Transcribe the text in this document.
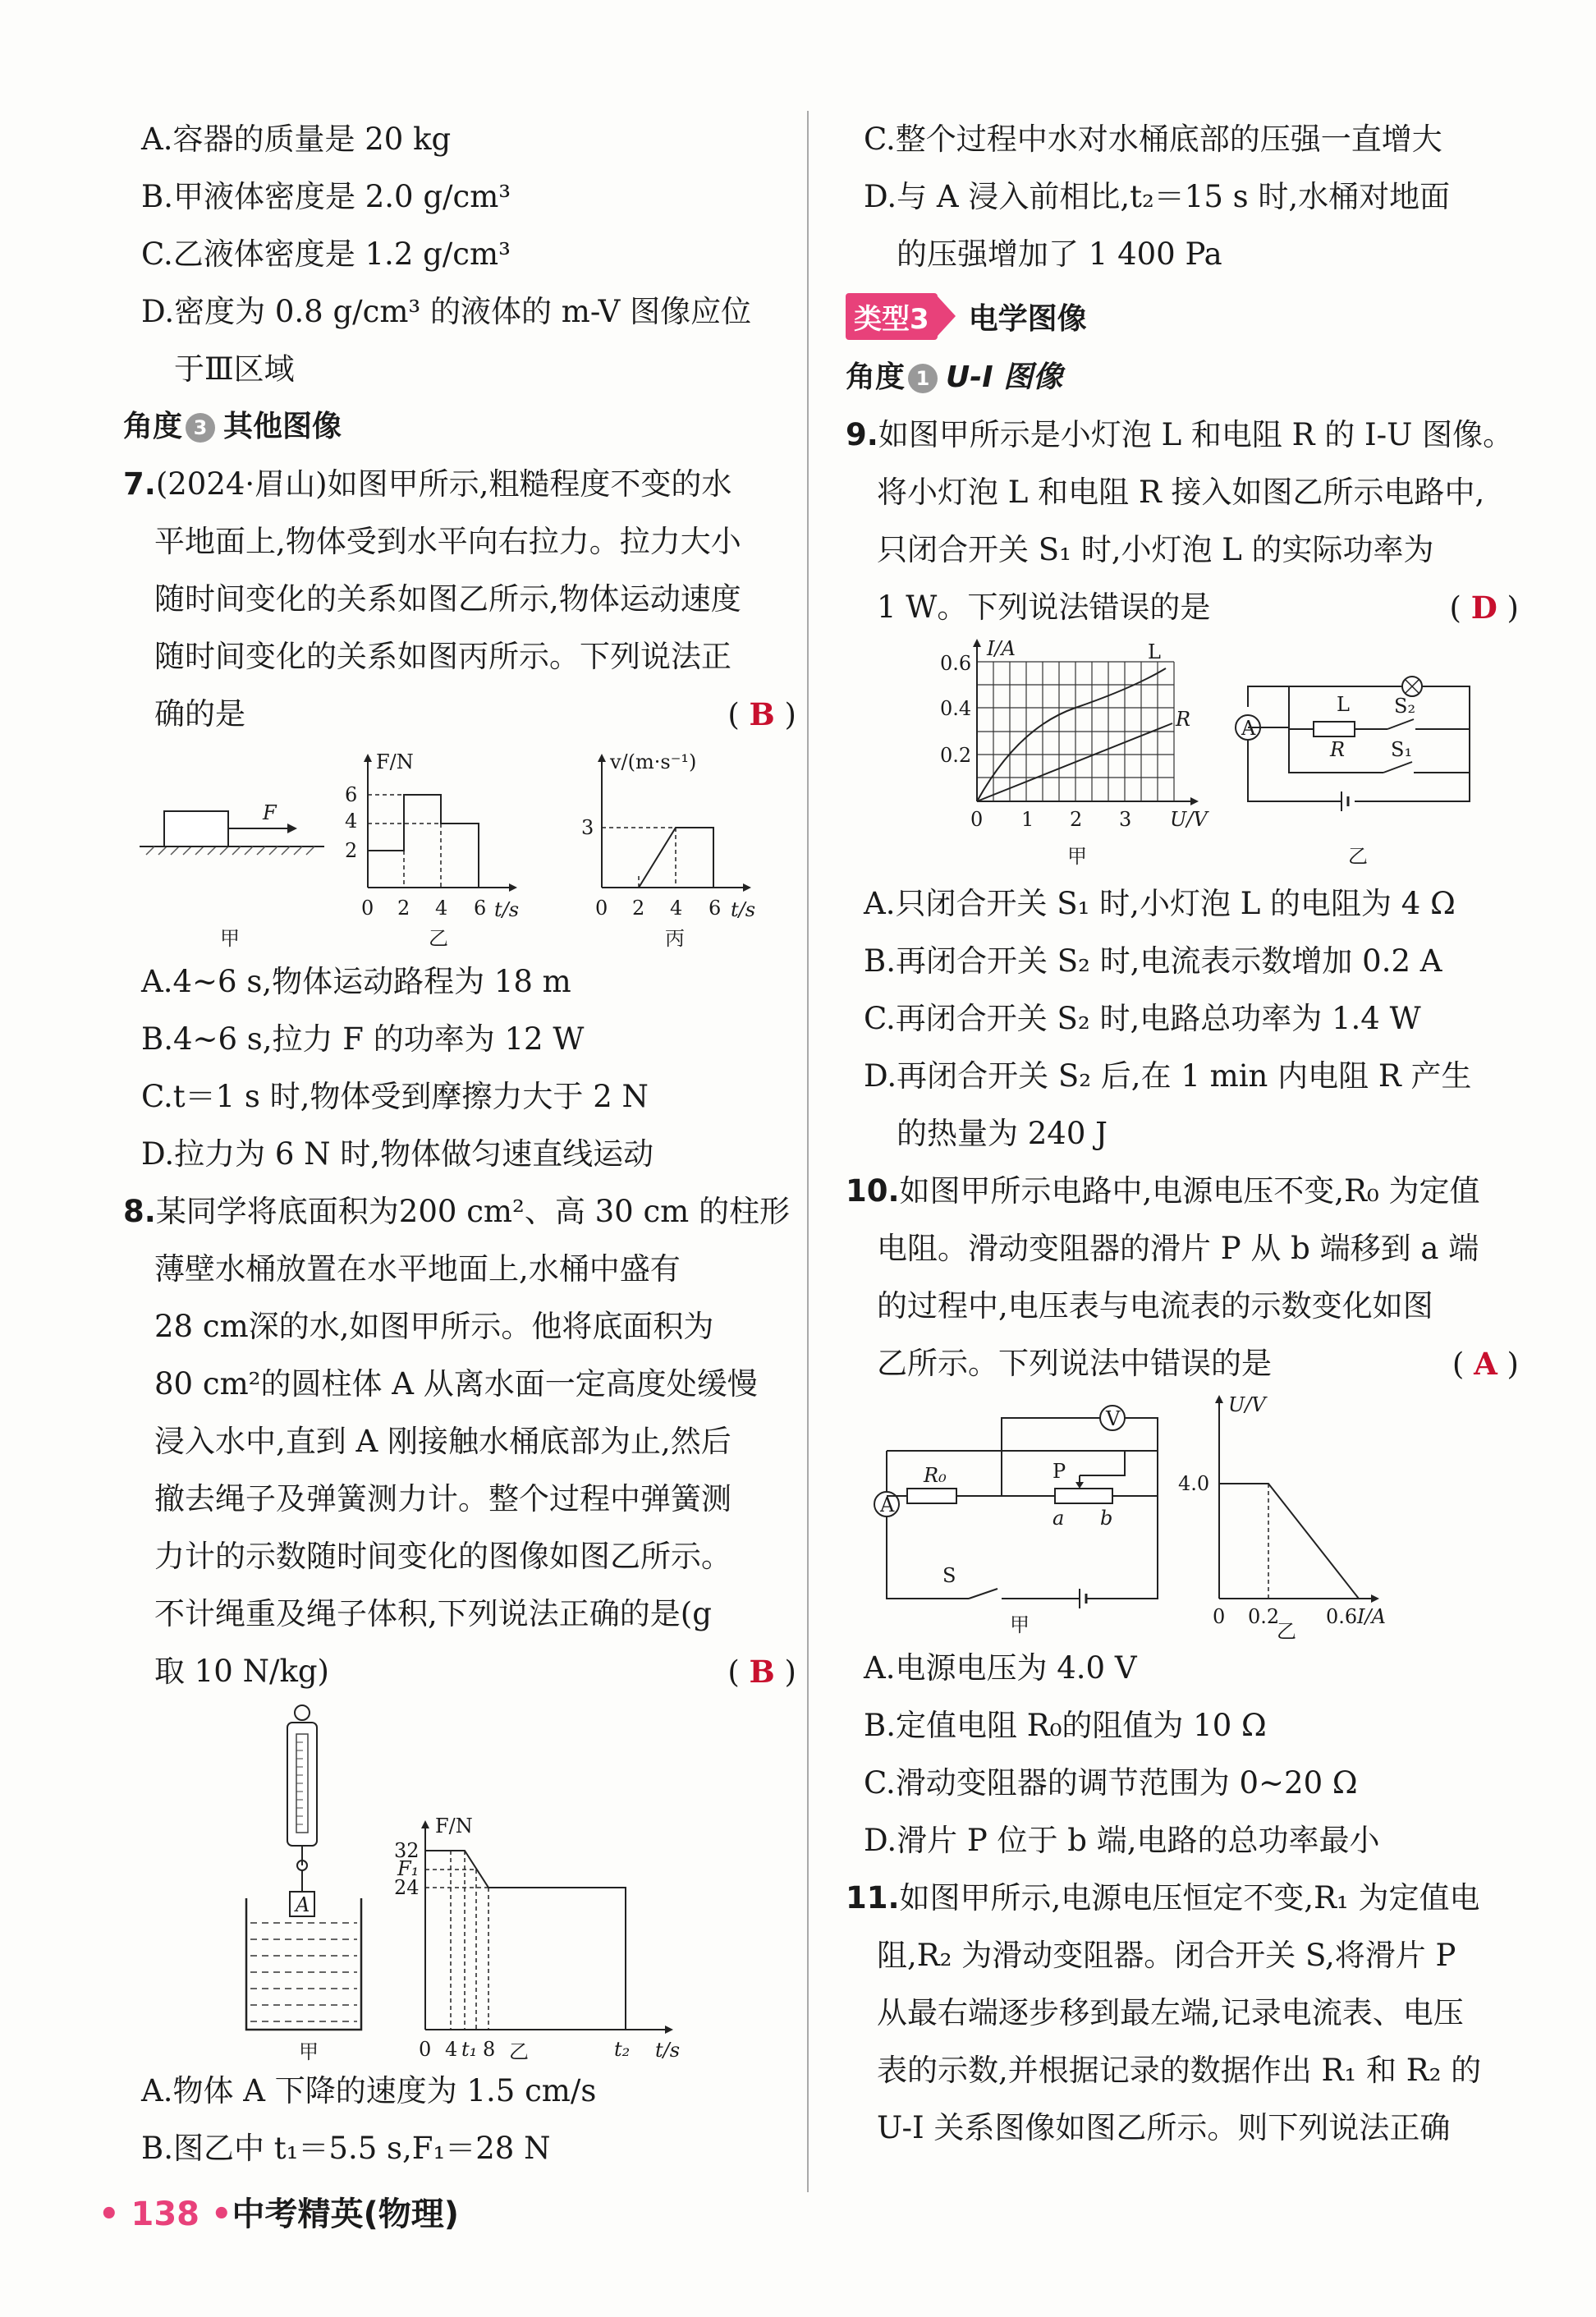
A.容器的质量是 20 kg
B.甲液体密度是 2.0 g/cm³
C.乙液体密度是 1.2 g/cm³
D.密度为 0.8 g/cm³ 的液体的 m-V 图像应位
于Ⅲ区域
角度 3 其他图像
7.(2024·眉山)如图甲所示,粗糙程度不变的水
平地面上,物体受到水平向右拉力。拉力大小
随时间变化的关系如图乙所示,物体运动速度
随时间变化的关系如图丙所示。下列说法正
确的是	( B )
F
甲
F/N
t/s
6
4
2
0 2 4 6
乙
v/(m·s⁻¹)
t/s
3
0 2 4 6
丙
A.4~6 s,物体运动路程为 18 m
B.4~6 s,拉力 F 的功率为 12 W
C.t＝1 s 时,物体受到摩擦力大于 2 N
D.拉力为 6 N 时,物体做匀速直线运动
8.某同学将底面积为200 cm²、高 30 cm 的柱形
薄壁水桶放置在水平地面上,水桶中盛有
28 cm深的水,如图甲所示。他将底面积为
80 cm²的圆柱体 A 从离水面一定高度处缓慢
浸入水中,直到 A 刚接触水桶底部为止,然后
撤去绳子及弹簧测力计。整个过程中弹簧测
力计的示数随时间变化的图像如图乙所示。
不计绳重及绳子体积,下列说法正确的是(g
取 10 N/kg)	( B )
A
甲
F/N
t/s
32
F₁
24
0 4 t₁ 8	t₂
乙
A.物体 A 下降的速度为 1.5 cm/s
B.图乙中 t₁＝5.5 s,F₁＝28 N
C.整个过程中水对水桶底部的压强一直增大
D.与 A 浸入前相比,t₂＝15 s 时,水桶对地面
的压强增加了 1 400 Pa
类型3 电学图像
角度 1 U-I 图像
9.如图甲所示是小灯泡 L 和电阻 R 的 I-U 图像。
将小灯泡 L 和电阻 R 接入如图乙所示电路中,
只闭合开关 S₁ 时,小灯泡 L 的实际功率为
1 W。下列说法错误的是	( D )
I/A
U/V
0.6
0.4
0.2
0 1 2 3
L
R
甲
A
L
R
S₂
S₁
乙
A.只闭合开关 S₁ 时,小灯泡 L 的电阻为 4 Ω
B.再闭合开关 S₂ 时,电流表示数增加 0.2 A
C.再闭合开关 S₂ 时,电路总功率为 1.4 W
D.再闭合开关 S₂ 后,在 1 min 内电阻 R 产生
的热量为 240 J
10.如图甲所示电路中,电源电压不变,R₀ 为定值
电阻。滑动变阻器的滑片 P 从 b 端移到 a 端
的过程中,电压表与电流表的示数变化如图
乙所示。下列说法中错误的是	( A )
A
V
R₀	P
a b
S
甲
U/V
I/A
4.0
0 0.2 0.6
乙
A.电源电压为 4.0 V
B.定值电阻 R₀的阻值为 10 Ω
C.滑动变阻器的调节范围为 0~20 Ω
D.滑片 P 位于 b 端,电路的总功率最小
11.如图甲所示,电源电压恒定不变,R₁ 为定值电
阻,R₂ 为滑动变阻器。闭合开关 S,将滑片 P
从最右端逐步移到最左端,记录电流表、电压
表的示数,并根据记录的数据作出 R₁ 和 R₂ 的
U-I 关系图像如图乙所示。则下列说法正确
• 138 •中考精英(物理)
